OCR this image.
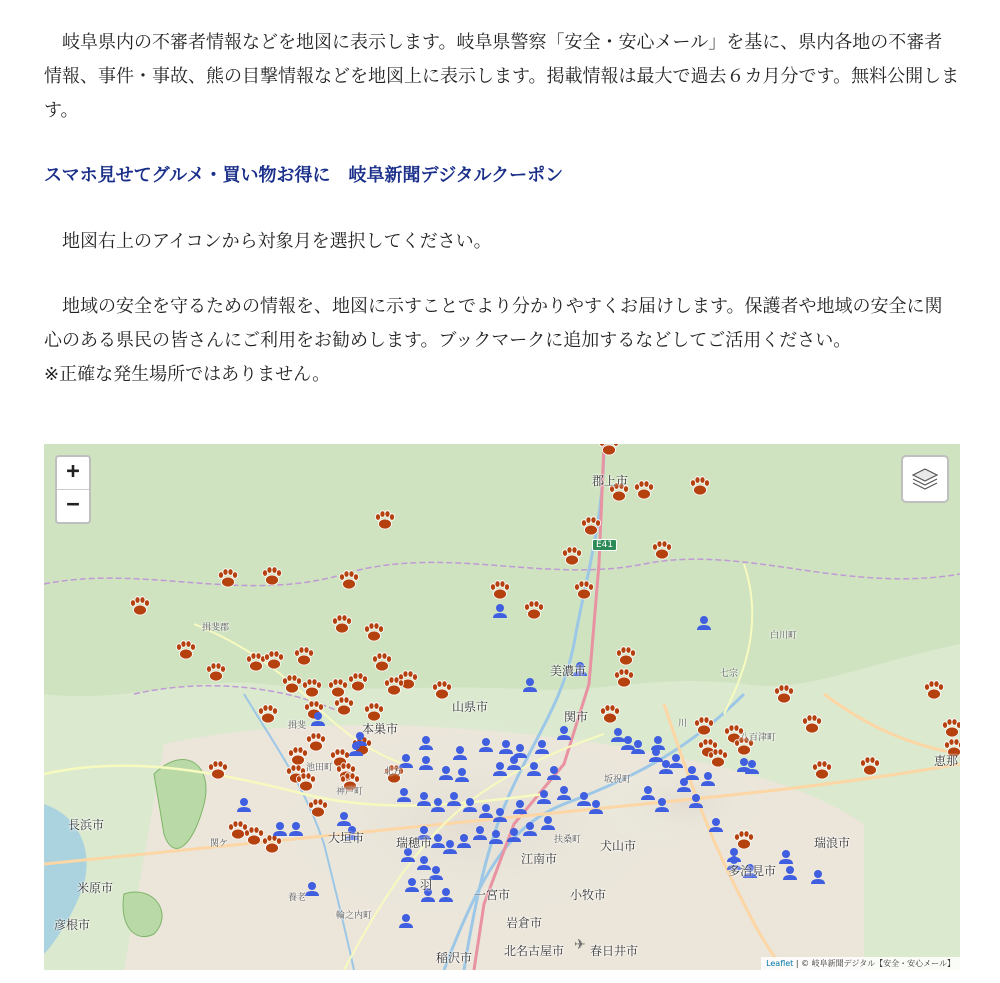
岐阜県内の不審者情報などを地図に表示します。岐阜県警察「安全・安心メール」を基に、県内各地の不審者情報、事件・事故、熊の目撃情報などを地図上に表示します。掲載情報は最大で過去６カ月分です。無料公開します。

スマホ見せてグルメ・買い物お得に　岐阜新聞デジタルクーポン

地図右上のアイコンから対象月を選択してください。

地域の安全を守るための情報を、地図に示すことでより分かりやすくお届けします。保護者や地域の安全に関心のある県民の皆さんにご利用をお勧めします。ブックマークに追加するなどしてご活用ください。
※正確な発生場所ではありません。

✈
郡上市
E41
美濃市
山県市
関市
白川町
瑞浪市
恵那
長浜市
米原市
彦根市
犬山市
江南市
扶桑町
小牧市
一宮市
岩倉市
北名古屋市 春日井市
稲沢市
多治見市
瑞穂市
大垣市
本巣市
坂祝町
揖斐郡
揖斐
池田町
神戸町
北方
輪之内町
養老
羽
関ケ
川
七宗
八百津町
+
−
Leaflet | © 岐阜新聞デジタル【安全・安心メール】
